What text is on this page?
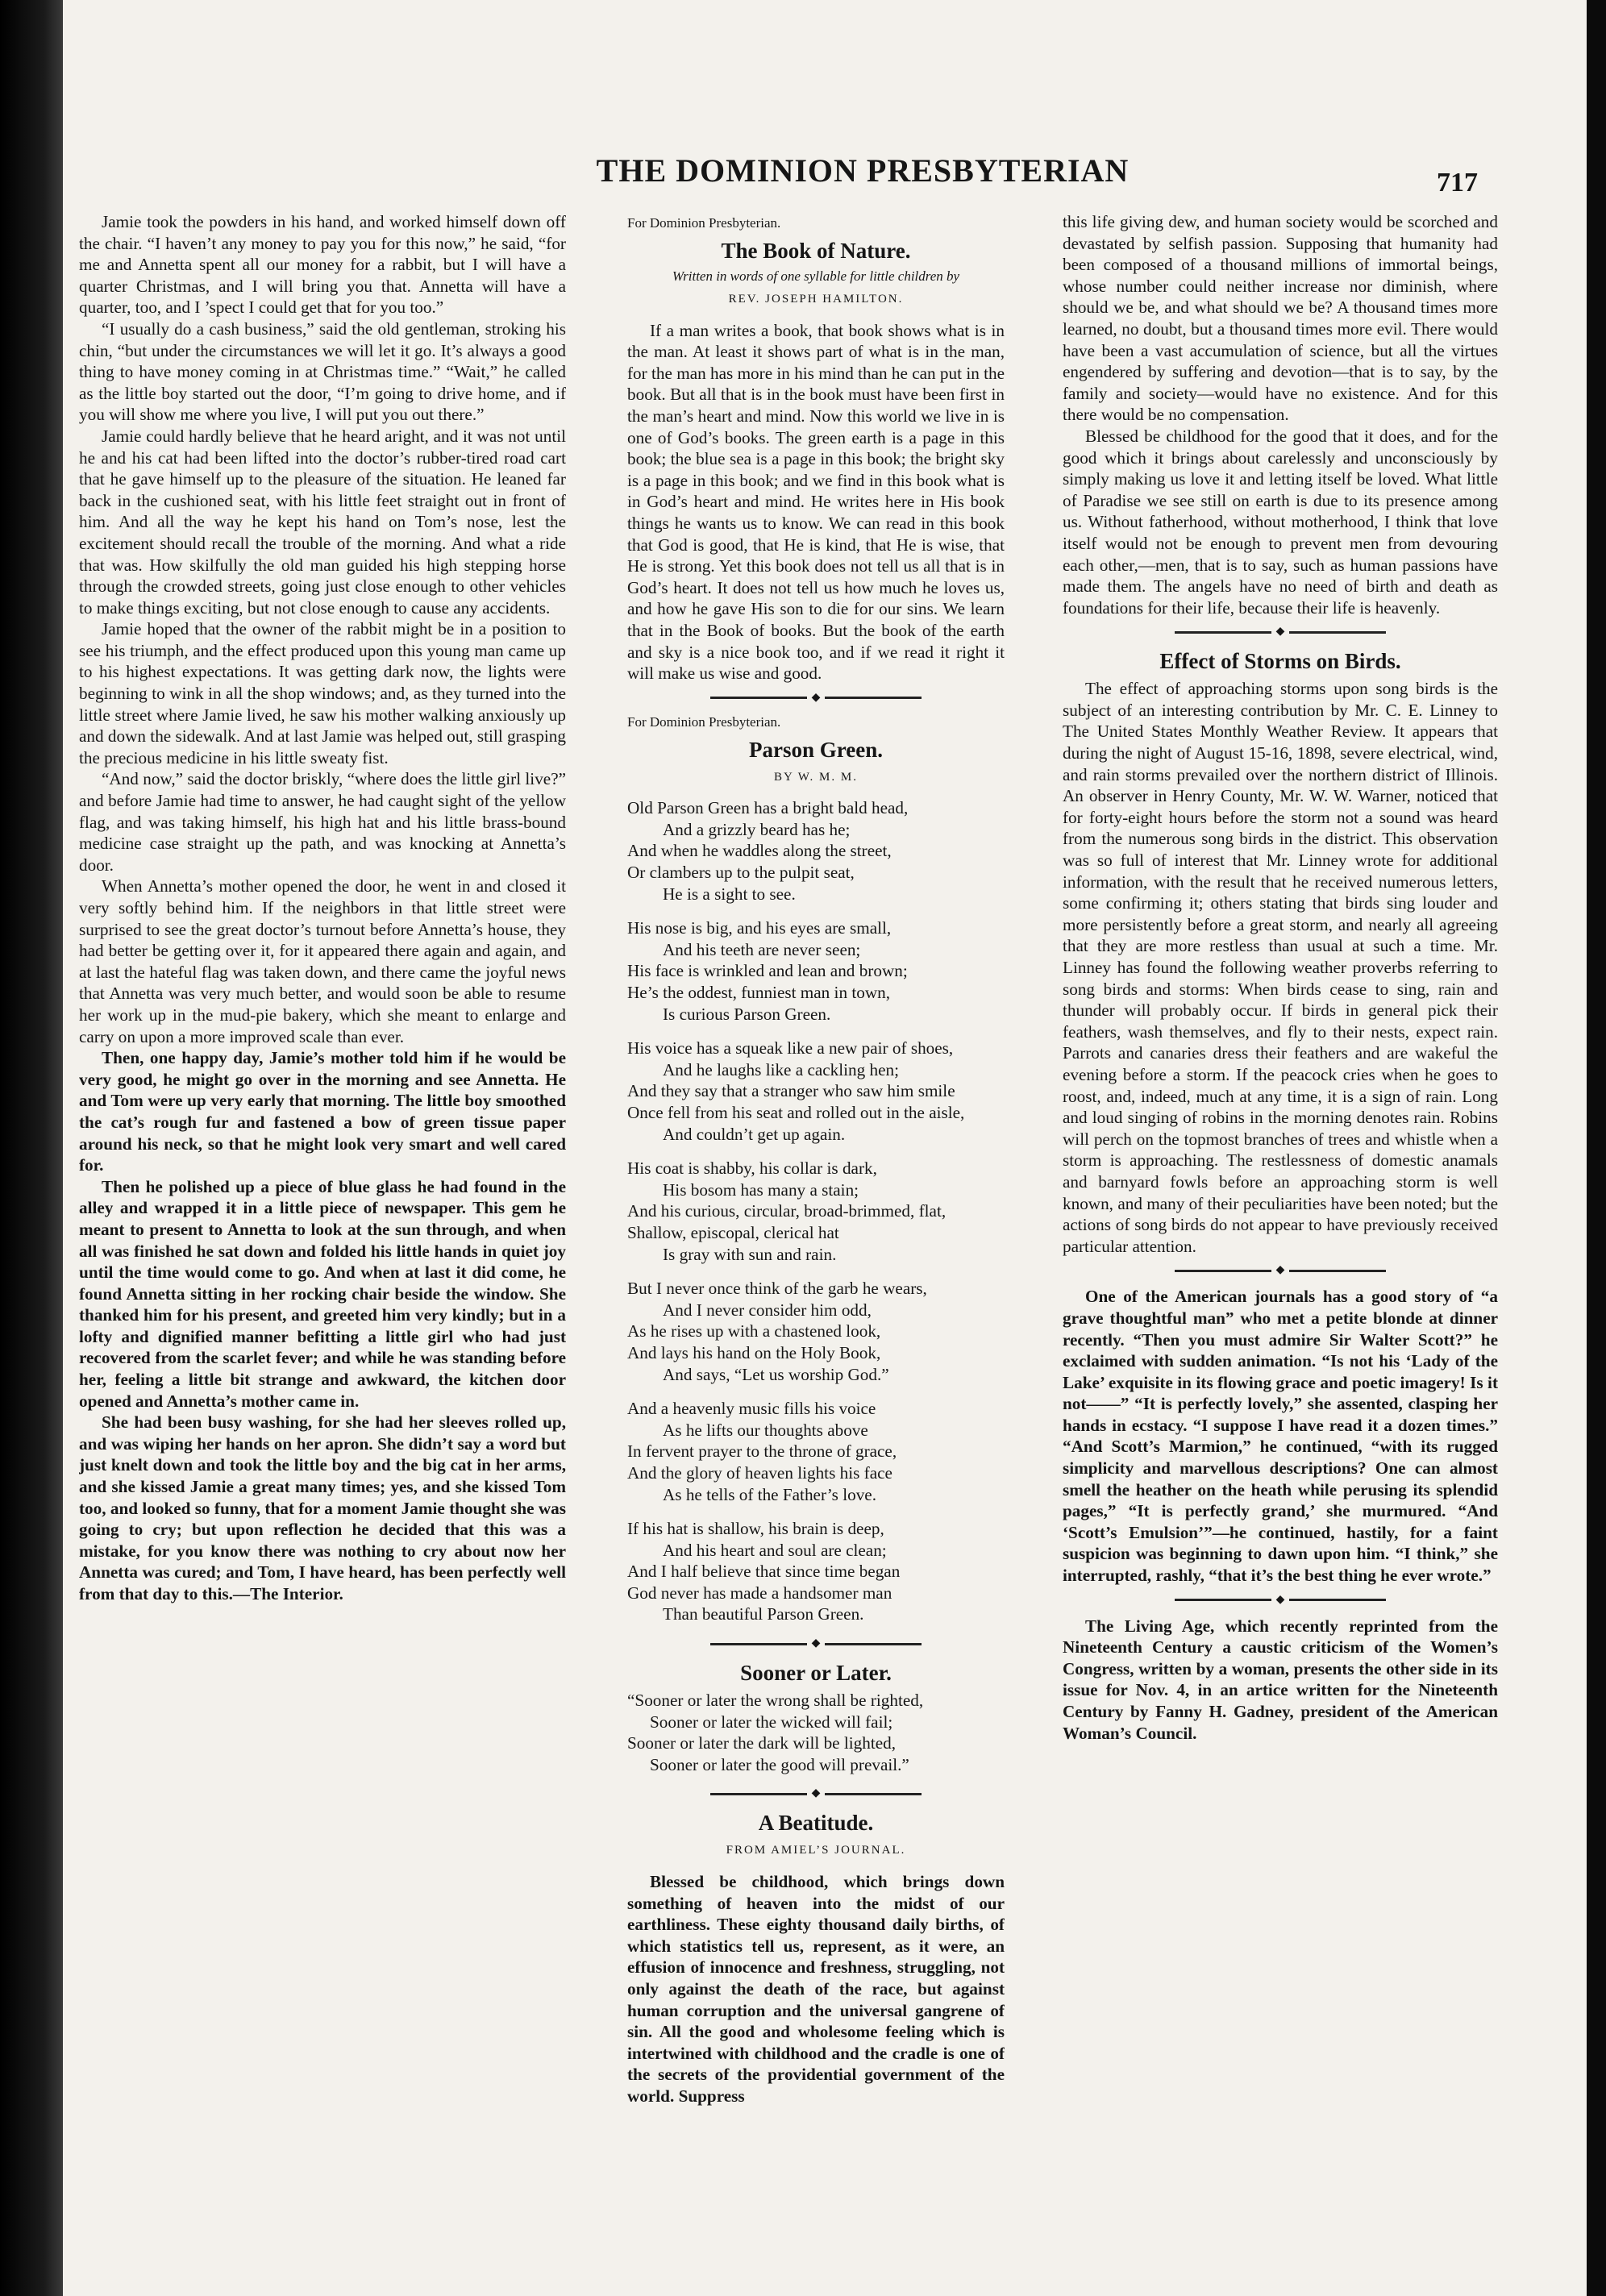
THE DOMINION PRESBYTERIAN	717

Jamie took the powders in his hand, and worked himself down off the chair. “I haven’t any money to pay you for this now,” he said, “for me and Annetta spent all our money for a rabbit, but I will have a quarter Christmas, and I will bring you that. Annetta will have a quarter, too, and I ’spect I could get that for you too.”

“I usually do a cash business,” said the old gentleman, stroking his chin, “but under the circumstances we will let it go. It’s always a good thing to have money coming in at Christmas time.” “Wait,” he called as the little boy started out the door, “I’m going to drive home, and if you will show me where you live, I will put you out there.”

Jamie could hardly believe that he heard aright, and it was not until he and his cat had been lifted into the doctor’s rubber-tired road cart that he gave himself up to the pleasure of the situation. He leaned far back in the cushioned seat, with his little feet straight out in front of him. And all the way he kept his hand on Tom’s nose, lest the excitement should recall the trouble of the morning. And what a ride that was. How skilfully the old man guided his high stepping horse through the crowded streets, going just close enough to other vehicles to make things exciting, but not close enough to cause any accidents.

Jamie hoped that the owner of the rabbit might be in a position to see his triumph, and the effect produced upon this young man came up to his highest expectations. It was getting dark now, the lights were beginning to wink in all the shop windows; and, as they turned into the little street where Jamie lived, he saw his mother walking anxiously up and down the sidewalk. And at last Jamie was helped out, still grasping the precious medicine in his little sweaty fist.

“And now,” said the doctor briskly, “where does the little girl live?” and before Jamie had time to answer, he had caught sight of the yellow flag, and was taking himself, his high hat and his little brass-bound medicine case straight up the path, and was knocking at Annetta’s door.

When Annetta’s mother opened the door, he went in and closed it very softly behind him. If the neighbors in that little street were surprised to see the great doctor’s turnout before Annetta’s house, they had better be getting over it, for it appeared there again and again, and at last the hateful flag was taken down, and there came the joyful news that Annetta was very much better, and would soon be able to resume her work up in the mud-pie bakery, which she meant to enlarge and carry on upon a more improved scale than ever.

Then, one happy day, Jamie’s mother told him if he would be very good, he might go over in the morning and see Annetta. He and Tom were up very early that morning. The little boy smoothed the cat’s rough fur and fastened a bow of green tissue paper around his neck, so that he might look very smart and well cared for.

Then he polished up a piece of blue glass he had found in the alley and wrapped it in a little piece of newspaper. This gem he meant to present to Annetta to look at the sun through, and when all was finished he sat down and folded his little hands in quiet joy until the time would come to go. And when at last it did come, he found Annetta sitting in her rocking chair beside the window. She thanked him for his present, and greeted him very kindly; but in a lofty and dignified manner befitting a little girl who had just recovered from the scarlet fever; and while he was standing before her, feeling a little bit strange and awkward, the kitchen door opened and Annetta’s mother came in.

She had been busy washing, for she had her sleeves rolled up, and was wiping her hands on her apron. She didn’t say a word but just knelt down and took the little boy and the big cat in her arms, and she kissed Jamie a great many times; yes, and she kissed Tom too, and looked so funny, that for a moment Jamie thought she was going to cry; but upon reflection he decided that this was a mistake, for you know there was nothing to cry about now her Annetta was cured; and Tom, I have heard, has been perfectly well from that day to this.—The Interior.

For Dominion Presbyterian.
The Book of Nature.
Written in words of one syllable for little children by
REV. JOSEPH HAMILTON.

If a man writes a book, that book shows what is in the man. At least it shows part of what is in the man, for the man has more in his mind than he can put in the book. But all that is in the book must have been first in the man’s heart and mind. Now this world we live in is one of God’s books. The green earth is a page in this book; the blue sea is a page in this book; the bright sky is a page in this book; and we find in this book what is in God’s heart and mind. He writes here in His book things he wants us to know. We can read in this book that God is good, that He is kind, that He is wise, that He is strong. Yet this book does not tell us all that is in God’s heart. It does not tell us how much he loves us, and how he gave His son to die for our sins. We learn that in the Book of books. But the book of the earth and sky is a nice book too, and if we read it right it will make us wise and good.

◆
For Dominion Presbyterian.
Parson Green.
BY W. M. M.
Old Parson Green has a bright bald head,
And a grizzly beard has he;
And when he waddles along the street,
Or clambers up to the pulpit seat,
He is a sight to see.
His nose is big, and his eyes are small,
And his teeth are never seen;
His face is wrinkled and lean and brown;
He’s the oddest, funniest man in town,
Is curious Parson Green.
His voice has a squeak like a new pair of shoes,
And he laughs like a cackling hen;
And they say that a stranger who saw him smile
Once fell from his seat and rolled out in the aisle,
And couldn’t get up again.
His coat is shabby, his collar is dark,
His bosom has many a stain;
And his curious, circular, broad-brimmed, flat,
Shallow, episcopal, clerical hat
Is gray with sun and rain.
But I never once think of the garb he wears,
And I never consider him odd,
As he rises up with a chastened look,
And lays his hand on the Holy Book,
And says, “Let us worship God.”
And a heavenly music fills his voice
As he lifts our thoughts above
In fervent prayer to the throne of grace,
And the glory of heaven lights his face
As he tells of the Father’s love.
If his hat is shallow, his brain is deep,
And his heart and soul are clean;
And I half believe that since time began
God never has made a handsomer man
Than beautiful Parson Green.
◆
Sooner or Later.
“Sooner or later the wrong shall be righted,
Sooner or later the wicked will fail;
Sooner or later the dark will be lighted,
Sooner or later the good will prevail.”
◆
A Beatitude.
FROM AMIEL’S JOURNAL.

Blessed be childhood, which brings down something of heaven into the midst of our earthliness. These eighty thousand daily births, of which statistics tell us, represent, as it were, an effusion of innocence and freshness, struggling, not only against the death of the race, but against human corruption and the universal gangrene of sin. All the good and wholesome feeling which is intertwined with childhood and the cradle is one of the secrets of the providential government of the world. Suppress

this life giving dew, and human society would be scorched and devastated by selfish passion. Supposing that humanity had been composed of a thousand millions of immortal beings, whose number could neither increase nor diminish, where should we be, and what should we be? A thousand times more learned, no doubt, but a thousand times more evil. There would have been a vast accumulation of science, but all the virtues engendered by suffering and devotion—that is to say, by the family and society—would have no existence. And for this there would be no compensation.

Blessed be childhood for the good that it does, and for the good which it brings about carelessly and unconsciously by simply making us love it and letting itself be loved. What little of Paradise we see still on earth is due to its presence among us. Without fatherhood, without motherhood, I think that love itself would not be enough to prevent men from devouring each other,—men, that is to say, such as human passions have made them. The angels have no need of birth and death as foundations for their life, because their life is heavenly.

◆
Effect of Storms on Birds.

The effect of approaching storms upon song birds is the subject of an interesting contribution by Mr. C. E. Linney to The United States Monthly Weather Review. It appears that during the night of August 15-16, 1898, severe electrical, wind, and rain storms prevailed over the northern district of Illinois. An observer in Henry County, Mr. W. W. Warner, noticed that for forty-eight hours before the storm not a sound was heard from the numerous song birds in the district. This observation was so full of interest that Mr. Linney wrote for additional information, with the result that he received numerous letters, some confirming it; others stating that birds sing louder and more persistently before a great storm, and nearly all agreeing that they are more restless than usual at such a time. Mr. Linney has found the following weather proverbs referring to song birds and storms: When birds cease to sing, rain and thunder will probably occur. If birds in general pick their feathers, wash themselves, and fly to their nests, expect rain. Parrots and canaries dress their feathers and are wakeful the evening before a storm. If the peacock cries when he goes to roost, and, indeed, much at any time, it is a sign of rain. Long and loud singing of robins in the morning denotes rain. Robins will perch on the topmost branches of trees and whistle when a storm is approaching. The restlessness of domestic anamals and barnyard fowls before an approaching storm is well known, and many of their peculiarities have been noted; but the actions of song birds do not appear to have previously received particular attention.

◆

One of the American journals has a good story of “a grave thoughtful man” who met a petite blonde at dinner recently. “Then you must admire Sir Walter Scott?” he exclaimed with sudden animation. “Is not his ‘Lady of the Lake’ exquisite in its flowing grace and poetic imagery! Is it not——” “It is perfectly lovely,” she assented, clasping her hands in ecstacy. “I suppose I have read it a dozen times.” “And Scott’s Marmion,” he continued, “with its rugged simplicity and marvellous descriptions? One can almost smell the heather on the heath while perusing its splendid pages,” “It is perfectly grand,’ she murmured. “And ‘Scott’s Emulsion’”—he continued, hastily, for a faint suspicion was beginning to dawn upon him. “I think,” she interrupted, rashly, “that it’s the best thing he ever wrote.”

◆

The Living Age, which recently reprinted from the Nineteenth Century a caustic criticism of the Women’s Congress, written by a woman, presents the other side in its issue for Nov. 4, in an artice written for the Nineteenth Century by Fanny H. Gadney, president of the American Woman’s Council.
